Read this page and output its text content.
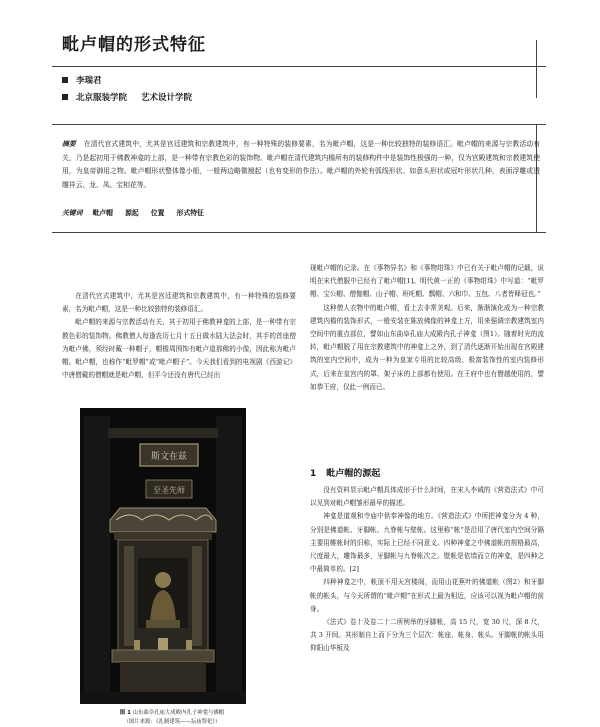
毗卢帽的形式特征
李瑞君
北京服装学院 艺术设计学院

摘要 在清代官式建筑中，尤其是宫廷建筑和宗教建筑中，有一种特殊的装修要素，名为毗卢帽，这是一种比较独特的装修语汇。毗卢帽的来源与宗教活动有关，乃是起初用于佛教神龛的上部，是一种带有宗教色彩的装饰物。毗卢帽在清代建筑内檐所有的装修构件中是装饰性极强的一种，仅为宫殿建筑和宗教建筑使用，为皇帝御用之物。毗卢帽形状整体像小船，一般两边略微翘起（也有变形的作法）。毗卢帽的外轮有弧线形状、如意头形状或冠叶形状几种，表面浮雕或透雕祥云、龙、凤、宝相花等。

关键词 毗卢帽 源起 位置 形式特征

在清代官式建筑中，尤其是宫廷建筑和宗教建筑中，有一种特殊的装修要素，名为毗卢帽，这是一种比较独特的装修语汇。

毗卢帽的来源与宗教活动有关，其于初用于佛教神龛的上部，是一种带有宗教色彩的装饰物。佛教僧人每逢农历七月十五日做水陆大法会时，其手的首座僧为毗卢佛，须经时戴一种帽子，帽檐周围饰有毗卢道那佛的小像，因此称为毗卢帽。毗卢帽，也称作“毗罗帽”或“毗卢帽子”。今天我们看到的电视剧《西游记》中唐僧戴的僧帽就是毗卢帽，但平今还没有唐代已经出

斯文在兹
至圣先师
图 1 山东曲阜孔庙大成殿内孔子神龛与佛帽
（图片来源：《礼制建筑——坛庙祭祀》）

现毗卢帽的记录。在《事物异名》和《事物绀珠》中已有关于毗卢帽的记载，说明在宋代僧服中已经有了毗卢帽[1]。明代黄一正的《事物绀珠》中写道：“毗罗帽、宝公帽、僧伽帽、山子帽、班吒帽、瓢帽、六和巾、五包、八者皆释冠也。”

这种僧人衣物中的毗卢帽，看上去非常美观。后来，渐渐演化成为一种宗教建筑内檐的装饰形式，一般安装在陈放佛像的神龛上方，用来强调宗教建筑室内空间中的重点部位，譬如山东曲阜孔庙大成殿内孔子神龛（图1）。随着时光的流转，毗卢帽脱了用在宗教建筑中的神龛上之外，到了清代逐渐开始出现在宫殿建筑的室内空间中，成为一种为皇家专用的比较高级、极富装饰性的室内装修形式，后来在皇宫内的罩、架子床的上部都有使用。在王府中也有僭越使用的，譬如恭王府，仅此一例而已。

1 毗卢帽的源起

没有资料显示毗卢帽具体成形于什么时间，在宋人李诫的《营造法式》中可以见到对毗卢帽雏形最早的描述。

神龛是道观和寺庙中供奉神像的地方。《营造法式》中所把神龛分为 4 种，分别是佛道帐、牙脚帐、九脊帐与壁帐。这里称“帐”是沿用了唐代室内空间分隔主要用帷帐时的旧称，实际上已经不同意义。四种神龛之中佛道帐的规格最高，尺度最大，雕饰最多，牙脚帐与九脊帐次之。壁帐是依墙而立的神龛，是四种之中最简单的。[2]

四种神龛之中，帐顶不用天宫楼阁，而用山花蕉叶的佛道帐（图2）和牙脚帐的帐头，与今天所谓的“毗卢帽”在形式上最为相近，应该可以视为毗卢帽的前身。

《法式》卷十及卷二十二所例举的牙脚帐，高 15 尺，宽 30 尺，深 8 尺，共 3 开间。其形制自上而下分为三个层次：帐座、帐身、帐头。牙脚帐的帐头用仰阳山华板及
